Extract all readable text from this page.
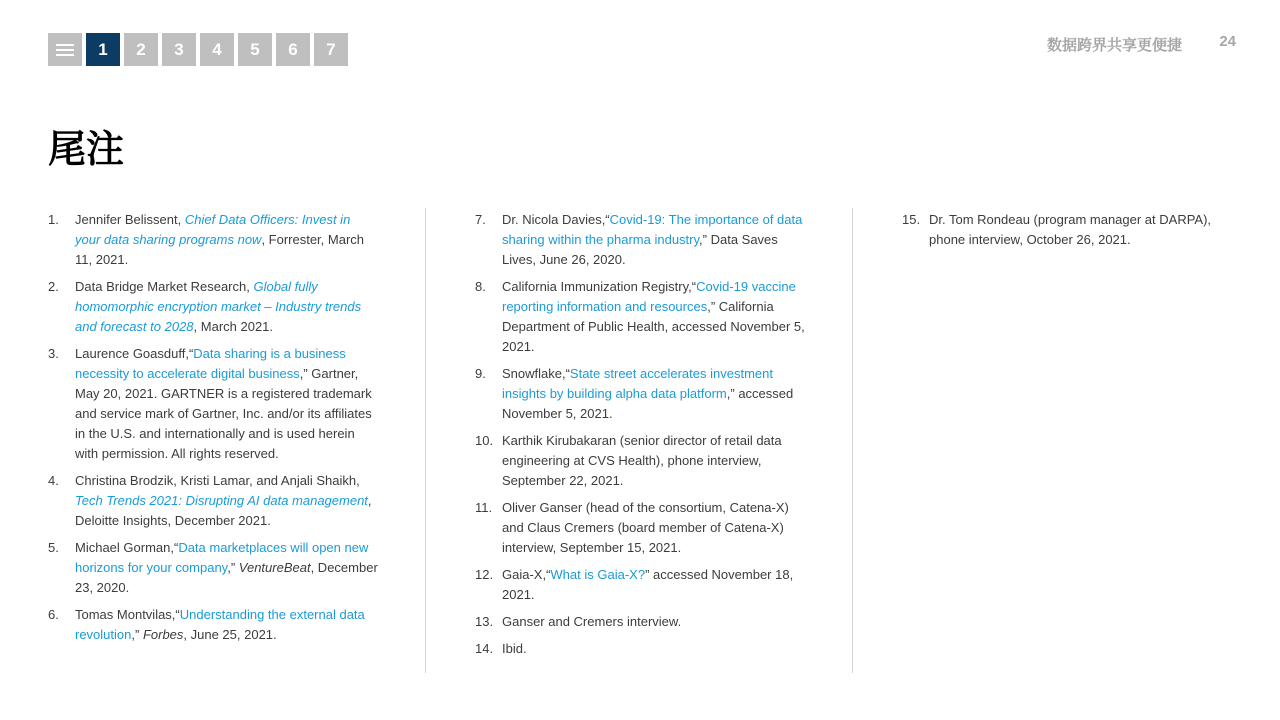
1	2	3	4	5	6	7	数据跨界共享更便捷 24
尾注
1.	Jennifer Belissent, Chief Data Officers: Invest in your data sharing programs now, Forrester, March 11, 2021.
2.	Data Bridge Market Research, Global fully homomorphic encryption market – Industry trends and forecast to 2028, March 2021.
3.	Laurence Goasduff,“Data sharing is a business necessity to accelerate digital business,” Gartner, May 20, 2021. GARTNER is a registered trademark and service mark of Gartner, Inc. and/or its affiliates in the U.S. and internationally and is used herein with permission. All rights reserved.
4.	Christina Brodzik, Kristi Lamar, and Anjali Shaikh, Tech Trends 2021: Disrupting AI data management, Deloitte Insights, December 2021.
5.	Michael Gorman,“Data marketplaces will open new horizons for your company,” VentureBeat, December 23, 2020.
6.	Tomas Montvilas,“Understanding the external data revolution,” Forbes, June 25, 2021.
7.	Dr. Nicola Davies,“Covid-19: The importance of data sharing within the pharma industry,” Data Saves Lives, June 26, 2020.
8.	California Immunization Registry,“Covid-19 vaccine reporting information and resources,” California Department of Public Health, accessed November 5, 2021.
9.	Snowflake,“State street accelerates investment insights by building alpha data platform,” accessed November 5, 2021.
10. Karthik Kirubakaran (senior director of retail data engineering at CVS Health), phone interview, September 22, 2021.
11. Oliver Ganser (head of the consortium, Catena-X) and Claus Cremers (board member of Catena-X) interview, September 15, 2021.
12. Gaia-X,“What is Gaia-X?” accessed November 18, 2021.
13. Ganser and Cremers interview.
14. Ibid.
15. Dr. Tom Rondeau (program manager at DARPA), phone interview, October 26, 2021.
